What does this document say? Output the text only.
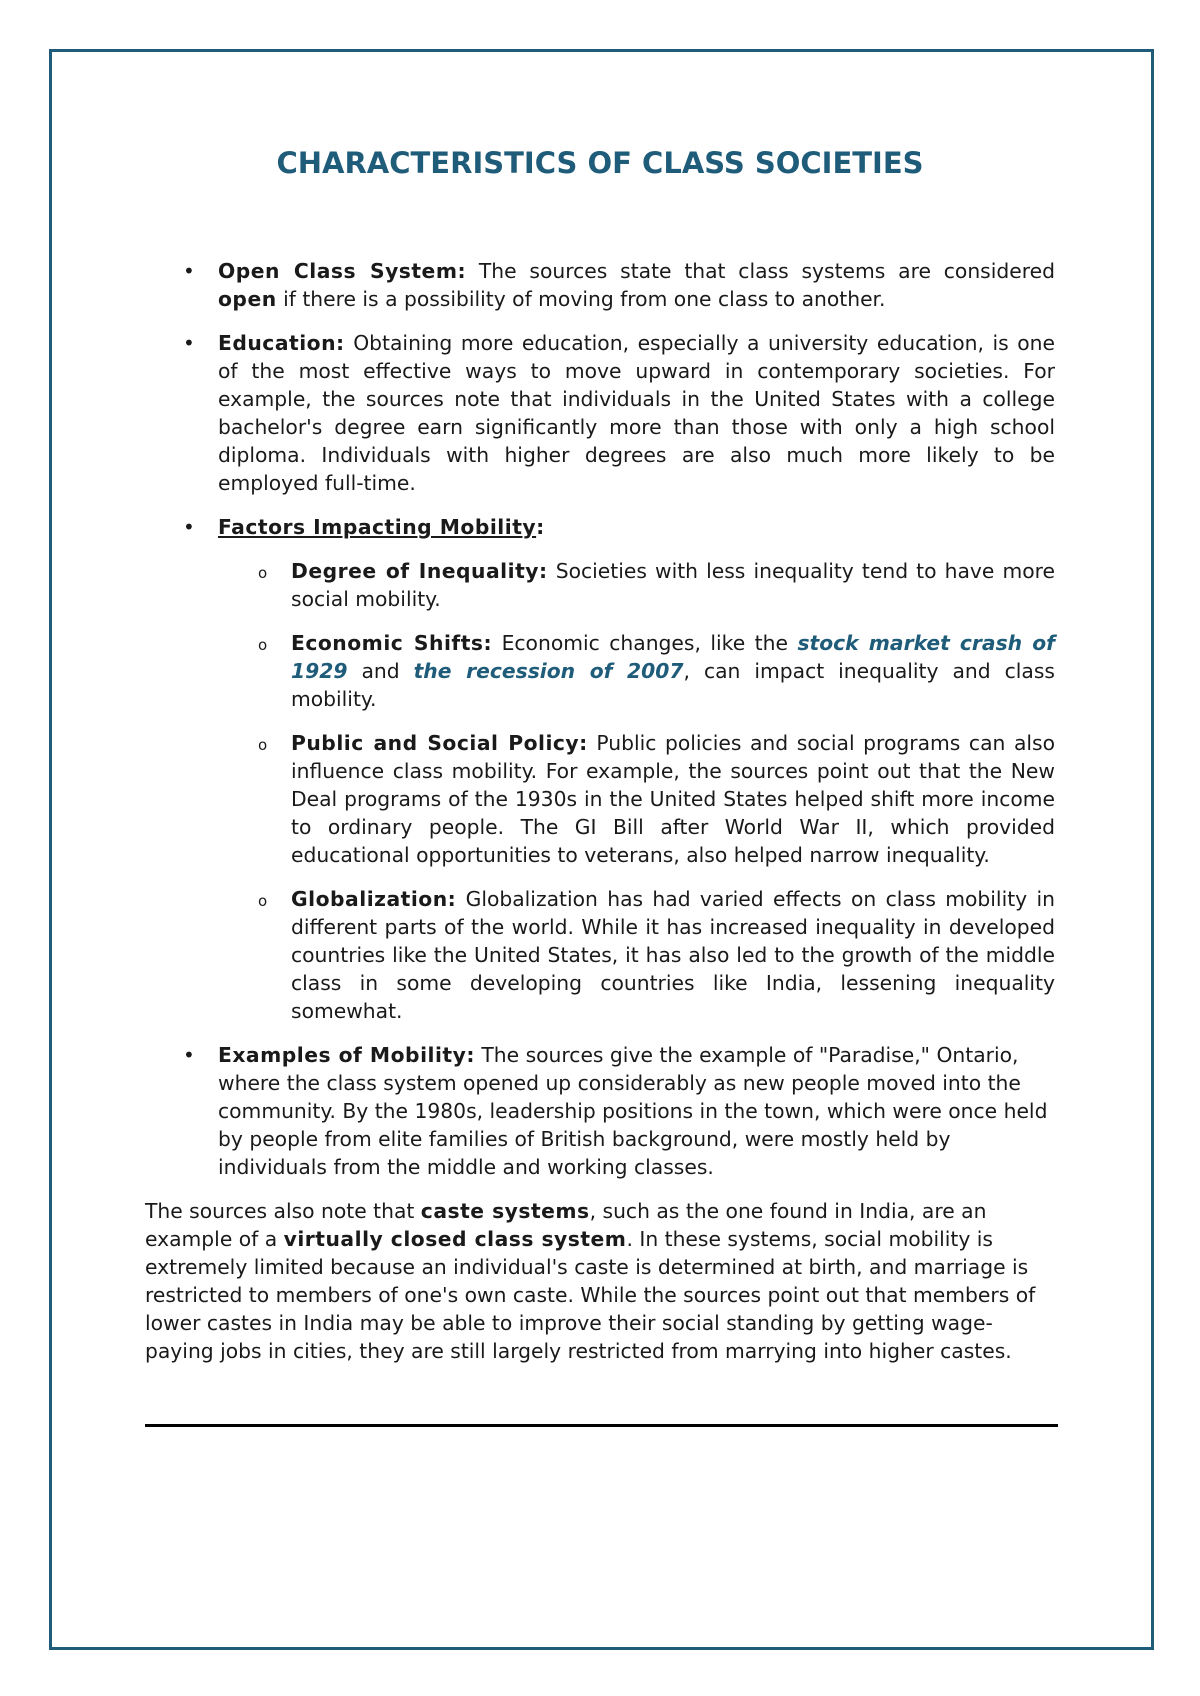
CHARACTERISTICS OF CLASS SOCIETIES
• Open Class System: The sources state that class systems are considered open if there is a possibility of moving from one class to another.
• Education: Obtaining more education, especially a university education, is one of the most effective ways to move upward in contemporary societies. For example, the sources note that individuals in the United States with a college bachelor's degree earn significantly more than those with only a high school diploma. Individuals with higher degrees are also much more likely to be employed full-time.
• Factors Impacting Mobility:
o Degree of Inequality: Societies with less inequality tend to have more social mobility.
o Economic Shifts: Economic changes, like the stock market crash of 1929 and the recession of 2007, can impact inequality and class mobility.
o Public and Social Policy: Public policies and social programs can also influence class mobility. For example, the sources point out that the New Deal programs of the 1930s in the United States helped shift more income to ordinary people. The GI Bill after World War II, which provided educational opportunities to veterans, also helped narrow inequality.
o Globalization: Globalization has had varied effects on class mobility in different parts of the world. While it has increased inequality in developed countries like the United States, it has also led to the growth of the middle class in some developing countries like India, lessening inequality somewhat.
• Examples of Mobility: The sources give the example of "Paradise," Ontario, where the class system opened up considerably as new people moved into the community. By the 1980s, leadership positions in the town, which were once held by people from elite families of British background, were mostly held by individuals from the middle and working classes.

The sources also note that caste systems, such as the one found in India, are an example of a virtually closed class system. In these systems, social mobility is extremely limited because an individual's caste is determined at birth, and marriage is restricted to members of one's own caste. While the sources point out that members of lower castes in India may be able to improve their social standing by getting wage-paying jobs in cities, they are still largely restricted from marrying into higher castes.
